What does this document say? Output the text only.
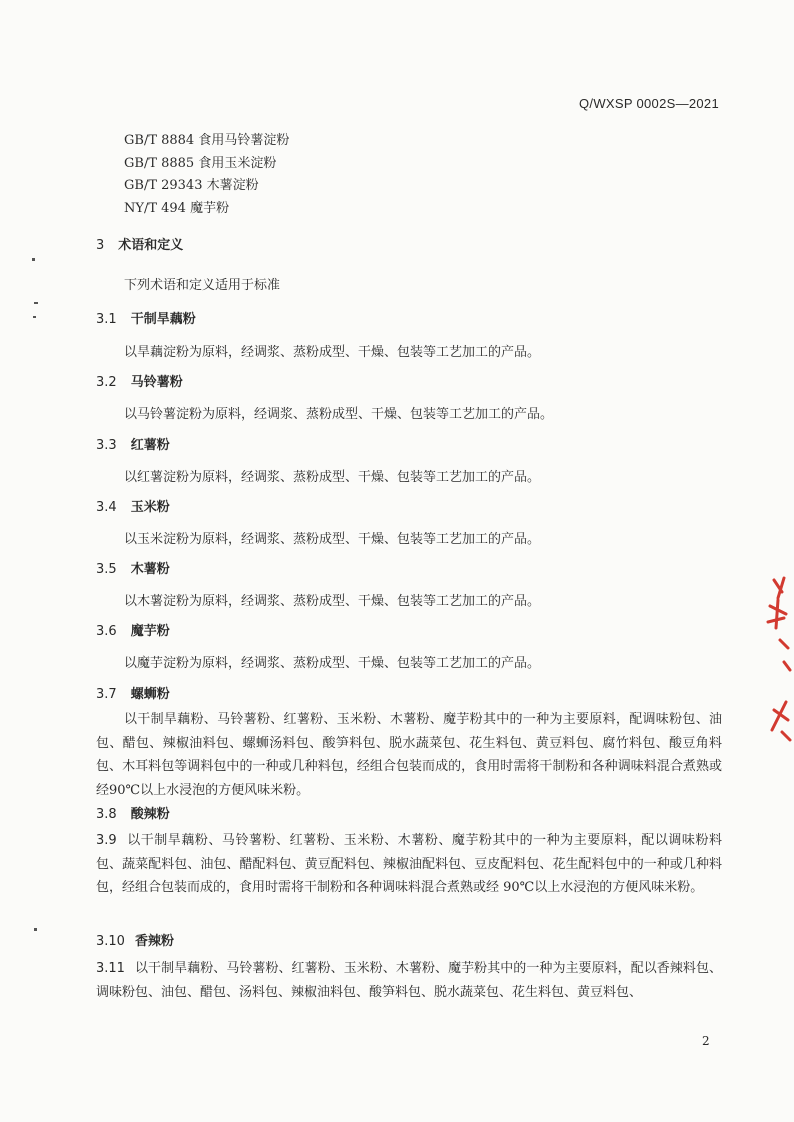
Q/WXSP 0002S—2021
GB/T 8884 食用马铃薯淀粉
GB/T 8885 食用玉米淀粉
GB/T 29343 木薯淀粉
NY/T 494 魔芋粉
3 术语和定义
下列术语和定义适用于标准
3.1 干制旱藕粉
以旱藕淀粉为原料，经调浆、蒸粉成型、干燥、包装等工艺加工的产品。
3.2 马铃薯粉
以马铃薯淀粉为原料，经调浆、蒸粉成型、干燥、包装等工艺加工的产品。
3.3 红薯粉
以红薯淀粉为原料，经调浆、蒸粉成型、干燥、包装等工艺加工的产品。
3.4 玉米粉
以玉米淀粉为原料，经调浆、蒸粉成型、干燥、包装等工艺加工的产品。
3.5 木薯粉
以木薯淀粉为原料，经调浆、蒸粉成型、干燥、包装等工艺加工的产品。
3.6 魔芋粉
以魔芋淀粉为原料，经调浆、蒸粉成型、干燥、包装等工艺加工的产品。
3.7 螺蛳粉
以干制旱藕粉、马铃薯粉、红薯粉、玉米粉、木薯粉、魔芋粉其中的一种为主要原料，配调味粉包、油包、醋包、辣椒油料包、螺蛳汤料包、酸笋料包、脱水蔬菜包、花生料包、黄豆料包、腐竹料包、酸豆角料包、木耳料包等调料包中的一种或几种料包，经组合包装而成的，食用时需将干制粉和各种调味料混合煮熟或经90℃以上水浸泡的方便风味米粉。
3.8 酸辣粉
3.9 以干制旱藕粉、马铃薯粉、红薯粉、玉米粉、木薯粉、魔芋粉其中的一种为主要原料，配以调味粉料包、蔬菜配料包、油包、醋配料包、黄豆配料包、辣椒油配料包、豆皮配料包、花生配料包中的一种或几种料包，经组合包装而成的，食用时需将干制粉和各种调味料混合煮熟或经 90℃以上水浸泡的方便风味米粉。
3.10 香辣粉
3.11 以干制旱藕粉、马铃薯粉、红薯粉、玉米粉、木薯粉、魔芋粉其中的一种为主要原料，配以香辣料包、调味粉包、油包、醋包、汤料包、辣椒油料包、酸笋料包、脱水蔬菜包、花生料包、黄豆料包、
2
